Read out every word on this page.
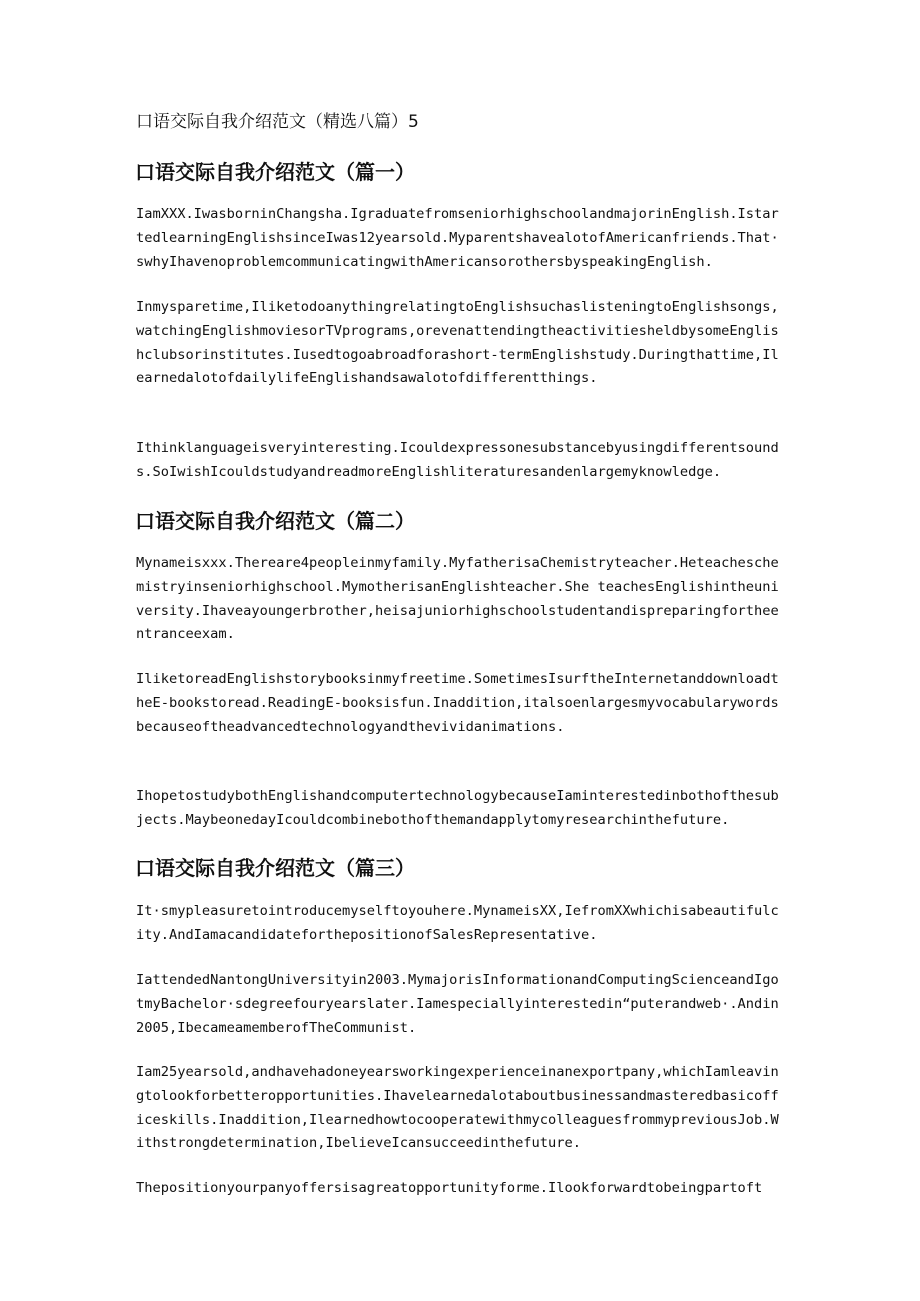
口语交际自我介绍范文（精选八篇）5

口语交际自我介绍范文（篇一）

IamXXX.IwasborninChangsha.IgraduatefromseniorhighschoolandmajorinEnglish.IstartedlearningEnglishsinceIwas12yearsold.MyparentshavealotofAmericanfriends.That·swhyIhavenoproblemcommunicatingwithAmericansorothersbyspeakingEnglish.

Inmysparetime,IliketodoanythingrelatingtoEnglishsuchaslisteningtoEnglishsongs,watchingEnglishmoviesorTVprograms,orevenattendingtheactivitiesheldbysomeEnglishclubsorinstitutes.Iusedtogoabroadforashort-termEnglishstudy.Duringthattime,IlearnedalotofdailylifeEnglishandsawalotofdifferentthings.

Ithinklanguageisveryinteresting.Icouldexpressonesubstancebyusingdifferentsounds.SoIwishIcouldstudyandreadmoreEnglishliteraturesandenlargemyknowledge.

口语交际自我介绍范文（篇二）

Mynameisxxx.Thereare4peopleinmyfamily.MyfatherisaChemistryteacher.Heteacheschemistryinseniorhighschool.MymotherisanEnglishteacher.She teachesEnglishintheuniversity.Ihaveayoungerbrother,heisajuniorhighschoolstudentandispreparingfortheentranceexam.

IliketoreadEnglishstorybooksinmyfreetime.SometimesIsurftheInternetanddownloadtheE-bookstoread.ReadingE-booksisfun.Inaddition,italsoenlargesmyvocabularywordsbecauseoftheadvancedtechnologyandthevividanimations.

IhopetostudybothEnglishandcomputertechnologybecauseIaminterestedinbothofthesubjects.MaybeonedayIcouldcombinebothofthemandapplytomyresearchinthefuture.

口语交际自我介绍范文（篇三）

It·smypleasuretointroducemyselftoyouhere.MynameisXX,IefromXXwhichisabeautifulcity.AndIamacandidateforthepositionofSalesRepresentative.

IattendedNantongUniversityin2003.MymajorisInformationandComputingScienceandIgotmyBachelor·sdegreefouryearslater.Iamespeciallyinterestedin“puterandweb·.Andin2005,IbecameamemberofTheCommunist.

Iam25yearsold,andhavehadoneyearsworkingexperienceinanexportpany,whichIamleavingtolookforbetteropportunities.Ihavelearnedalotaboutbusinessandmasteredbasicofficeskills.Inaddition,IlearnedhowtocooperatewithmycolleaguesfrommypreviousJob.Withstrongdetermination,IbelieveIcansucceedinthefuture.

Thepositionyourpanyoffersisagreatopportunityforme.Ilookforwardtobeingpartoft
